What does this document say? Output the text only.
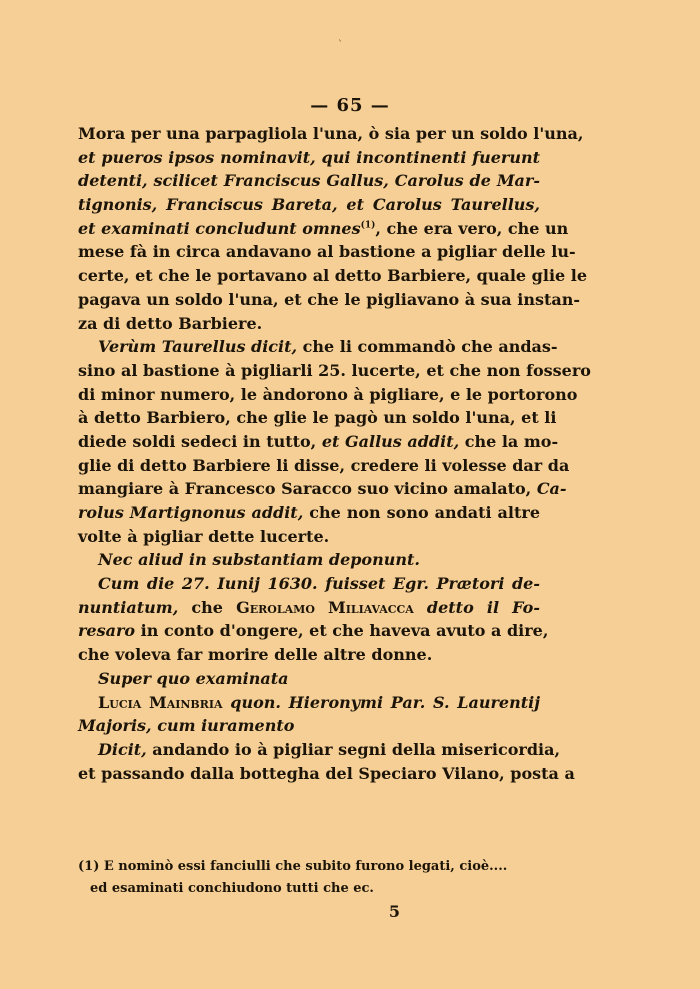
`
— 65 —
Mora per una parpagliola l'una, ò sia per un soldo l'una,
et pueros ipsos nominavit, qui incontinenti fuerunt
detenti, scilicet Franciscus Gallus, Carolus de Mar-
tignonis, Franciscus Bareta, et Carolus Taurellus,
et examinati concludunt omnes$^{(1)}$, che era vero, che un
mese fà in circa andavano al bastione a pigliar delle lu-
certe, et che le portavano al detto Barbiere, quale glie le
pagava un soldo l'una, et che le pigliavano à sua instan-
za di detto Barbiere.
Verùm Taurellus dicit, che li commandò che andas-
sino al bastione à pigliarli 25. lucerte, et che non fossero
di minor numero, le àndorono à pigliare, e le portorono
à detto Barbiero, che glie le pagò un soldo l'una, et li
diede soldi sedeci in tutto, et Gallus addit, che la mo-
glie di detto Barbiere li disse, credere li volesse dar da
mangiare à Francesco Saracco suo vicino amalato, Ca-
rolus Martignonus addit, che non sono andati altre
volte à pigliar dette lucerte.
Nec aliud in substantiam deponunt.
Cum die 27. Iunij 1630. fuisset Egr. Prætori de-
nuntiatum, che Gerolamo Miliavacca detto il Fo-
resaro in conto d'ongere, et che haveva avuto a dire,
che voleva far morire delle altre donne.
Super quo examinata
Lucia Mainbria quon. Hieronymi Par. S. Laurentij
Majoris, cum iuramento
Dicit, andando io à pigliar segni della misericordia,
et passando dalla bottegha del Speciaro Vilano, posta a
(1) E nominò essi fanciulli che subito furono legati, cioè....
ed esaminati conchiudono tutti che ec.
5
